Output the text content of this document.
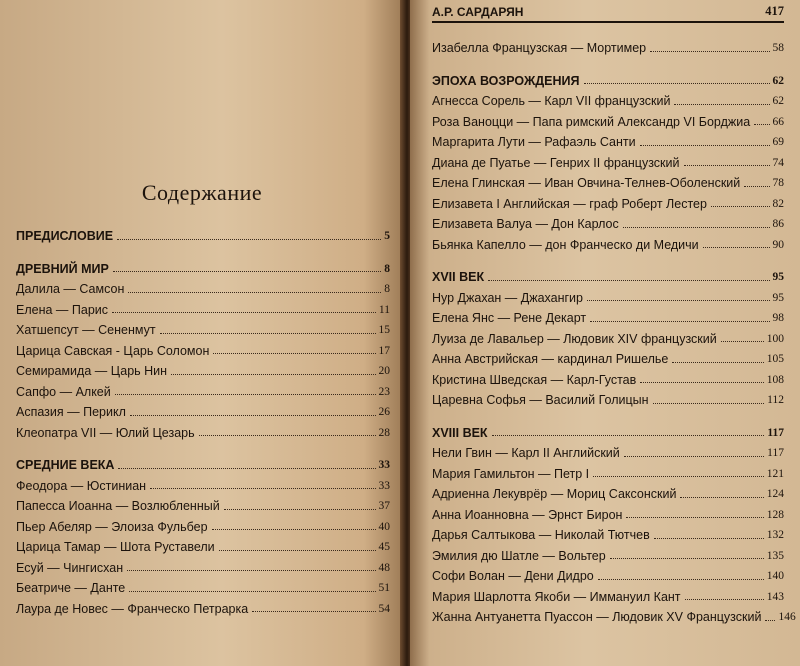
Содержание
ПРЕДИСЛОВИЕ	5
ДРЕВНИЙ МИР	8
Далила — Самсон	8
Елена — Парис	11
Хатшепсут — Сененмут	15
Царица Савская - Царь Соломон	17
Семирамида — Царь Нин	20
Сапфо — Алкей	23
Аспазия — Перикл	26
Клеопатра VII — Юлий Цезарь	28
СРЕДНИЕ ВЕКА	33
Феодора — Юстиниан	33
Папесса Иоанна — Возлюбленный	37
Пьер Абеляр — Элоиза Фульбер	40
Царица Тамар — Шота Руставели	45
Есуй — Чингисхан	48
Беатриче — Данте	51
Лаура де Новес — Франческо Петрарка	54
А.Р. САРДАРЯН	417
Изабелла Французская — Мортимер	58
ЭПОХА ВОЗРОЖДЕНИЯ	62
Агнесса Сорель — Карл VII французский	62
Роза Ваноцци — Папа римский Александр VI Борджиа 66
Маргарита Лути — Рафаэль Санти	69
Диана де Пуатье — Генрих II французский	74
Елена Глинская — Иван Овчина-Телнев-Оболенский	78
Елизавета I Английская — граф Роберт Лестер	82
Елизавета Валуа — Дон Карлос	86
Бьянка Капелло — дон Франческо ди Медичи	90
XVII ВЕК	95
Нур Джахан — Джахангир	95
Елена Янс — Рене Декарт	98
Луиза де Лавальер — Людовик XIV французский	100
Анна Австрийская — кардинал Ришелье	105
Кристина Шведская — Карл-Густав	108
Царевна Софья — Василий Голицын	112
XVIII ВЕК	117
Нели Гвин — Карл II Английский	117
Мария Гамильтон — Петр I	121
Адриенна Лекуврёр — Мориц Саксонский	124
Анна Иоанновна — Эрнст Бирон	128
Дарья Салтыкова — Николай Тютчев	132
Эмилия дю Шатле — Вольтер	135
Софи Волан — Дени Дидро	140
Мария Шарлотта Якоби — Иммануил Кант	143
Жанна Антуанетта Пуассон — Людовик XV Французский 146
